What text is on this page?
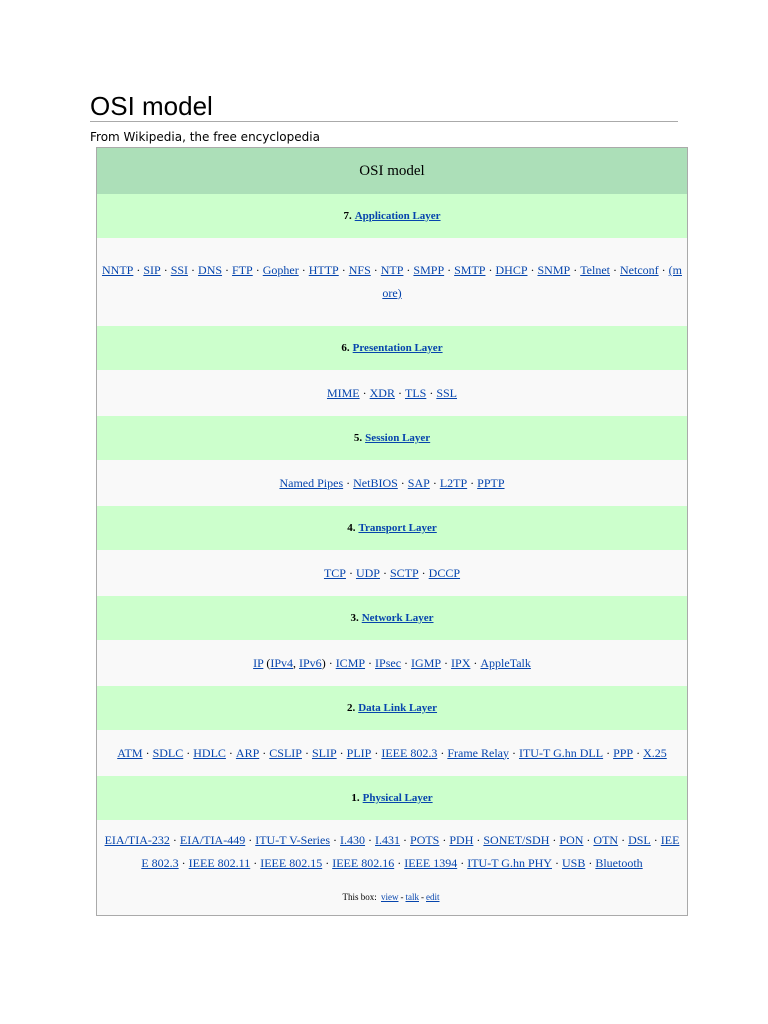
OSI model
From Wikipedia, the free encyclopedia
OSI model
7. Application Layer
NNTP · SIP · SSI · DNS · FTP · Gopher · HTTP · NFS · NTP · SMPP · SMTP · DHCP · SNMP · Telnet · Netconf · (more)
6. Presentation Layer
MIME · XDR · TLS · SSL
5. Session Layer
Named Pipes · NetBIOS · SAP · L2TP · PPTP
4. Transport Layer
TCP · UDP · SCTP · DCCP
3. Network Layer
IP (IPv4, IPv6) · ICMP · IPsec · IGMP · IPX · AppleTalk
2. Data Link Layer
ATM · SDLC · HDLC · ARP · CSLIP · SLIP · PLIP · IEEE 802.3 · Frame Relay · ITU-T G.hn DLL · PPP · X.25
1. Physical Layer
EIA/TIA-232 · EIA/TIA-449 · ITU-T V-Series · I.430 · I.431 · POTS · PDH · SONET/SDH · PON · OTN · DSL · IEEE 802.3 · IEEE 802.11 · IEEE 802.15 · IEEE 802.16 · IEEE 1394 · ITU-T G.hn PHY · USB · Bluetooth
This box:
view - talk - edit
